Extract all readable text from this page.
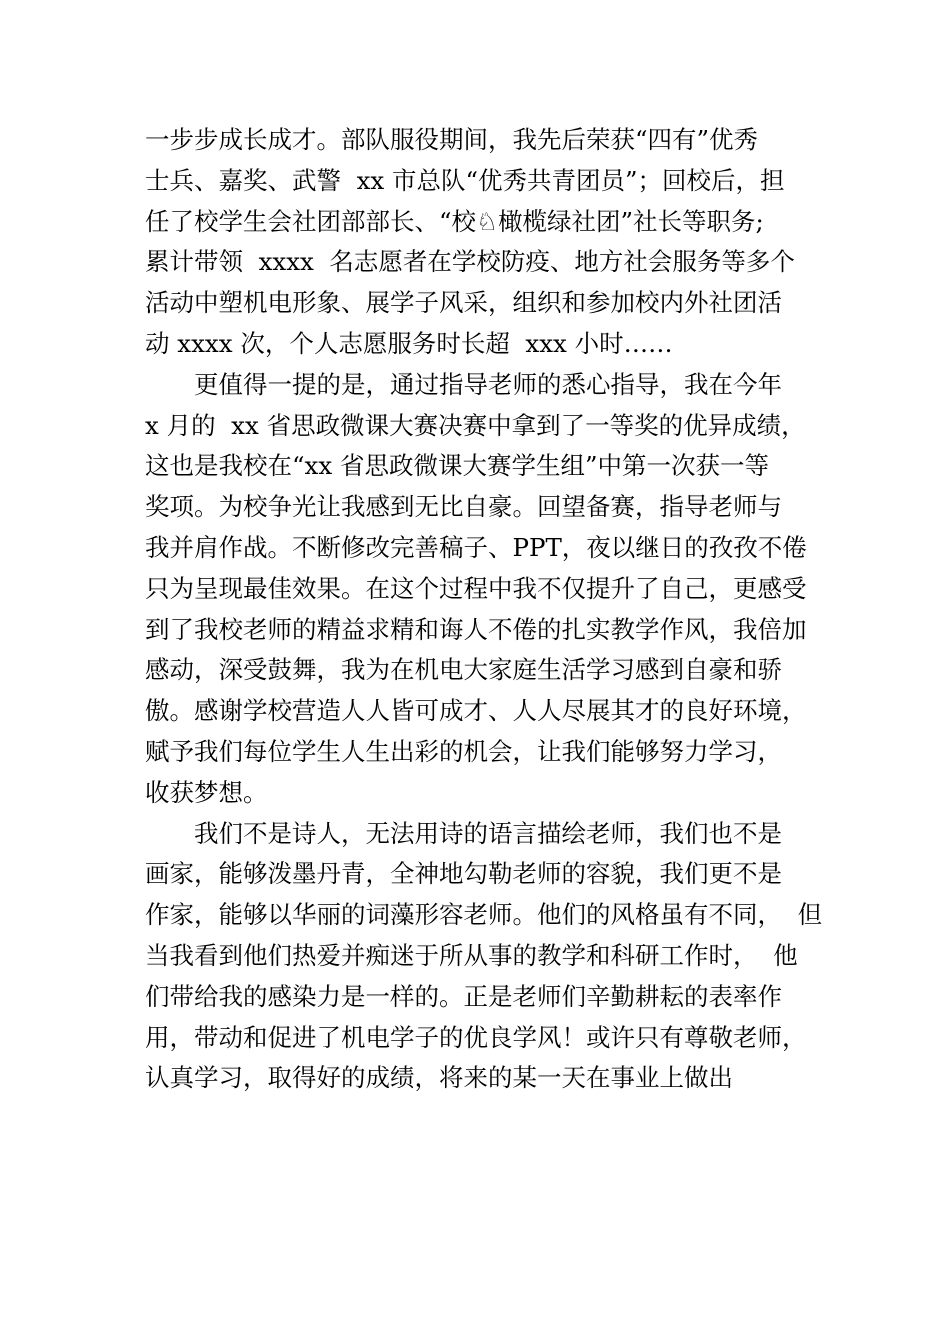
一步步成长成才。部队服役期间，我先后荣获“四有”优秀
士兵、嘉奖、武警  xx 市总队“优秀共青团员”；回校后，担
任了校学生会社团部部长、“校♘橄榄绿社团”社长等职务;
累计带领  xxxx  名志愿者在学校防疫、地方社会服务等多个
活动中塑机电形象、展学子风采，组织和参加校内外社团活
动 xxxx 次，个人志愿服务时长超  xxx 小时……
更值得一提的是，通过指导老师的悉心指导，我在今年
x 月的  xx 省思政微课大赛决赛中拿到了一等奖的优异成绩，
这也是我校在“xx 省思政微课大赛学生组”中第一次获一等
奖项。为校争光让我感到无比自豪。回望备赛，指导老师与
我并肩作战。不断修改完善稿子、PPT，夜以继日的孜孜不倦
只为呈现最佳效果。在这个过程中我不仅提升了自己，更感受
到了我校老师的精益求精和诲人不倦的扎实教学作风，我倍加
感动，深受鼓舞，我为在机电大家庭生活学习感到自豪和骄
傲。感谢学校营造人人皆可成才、人人尽展其才的良好环境，
赋予我们每位学生人生出彩的机会，让我们能够努力学习，
收获梦想。
我们不是诗人，无法用诗的语言描绘老师，我们也不是
画家，能够泼墨丹青，全神地勾勒老师的容貌，我们更不是
作家，能够以华丽的词藻形容老师。他们的风格虽有不同，  但
当我看到他们热爱并痴迷于所从事的教学和科研工作时，  他
们带给我的感染力是一样的。正是老师们辛勤耕耘的表率作
用，带动和促进了机电学子的优良学风！或许只有尊敬老师，
认真学习，取得好的成绩，将来的某一天在事业上做出
